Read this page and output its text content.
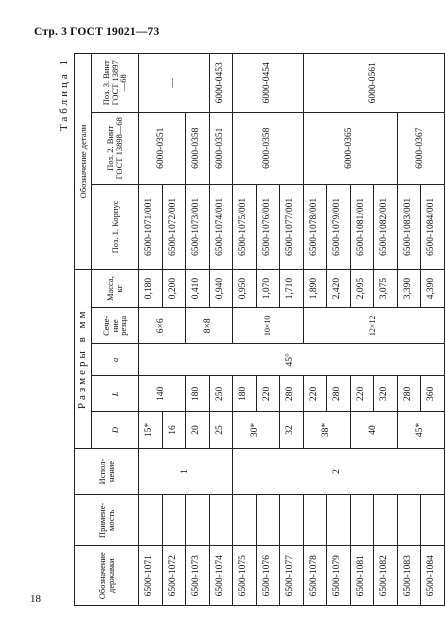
Стр. 3 ГОСТ 19021—73
Таблица 1
Обозначение державки	Примене- мость	Испол- нение	Размеры в мм					Обозначение детали		
			D	L	a	Сече- ние резца	Масса, кг	Поз. 1. Корпус	Поз. 2. Винт ГОСТ 13898—68	Поз. 3. Винт ГОСТ 13897—68
6500-1071		1	15*	140	45°	6×6	0,180	6500-1071/001	6000-0351	—
6500-1072			16				0,200	6500-1072/001		
6500-1073			20	180		8×8	0,410	6500-1073/001	6000-0358	
6500-1074			25	250			0,940	6500-1074/001	6000-0351	6000-0453
6500-1075		2	30*	180		10×10	0,950	6500-1075/001	6000-0358	6000-0454
6500-1076				220			1,070	6500-1076/001		
6500-1077			32	280			1,710	6500-1077/001		
6500-1078			38*	220		12×12	1,890	6500-1078/001	6000-0365	6000-0561
6500-1079				280			2,420	6500-1079/001		
6500-1081			40	220			2,095	6500-1081/001		
6500-1082				320			3,075	6500-1082/001		
6500-1083			45*	280			3,390	6500-1083/001	6000-0367	
6500-1084				360			4,390	6500-1084/001		
18
